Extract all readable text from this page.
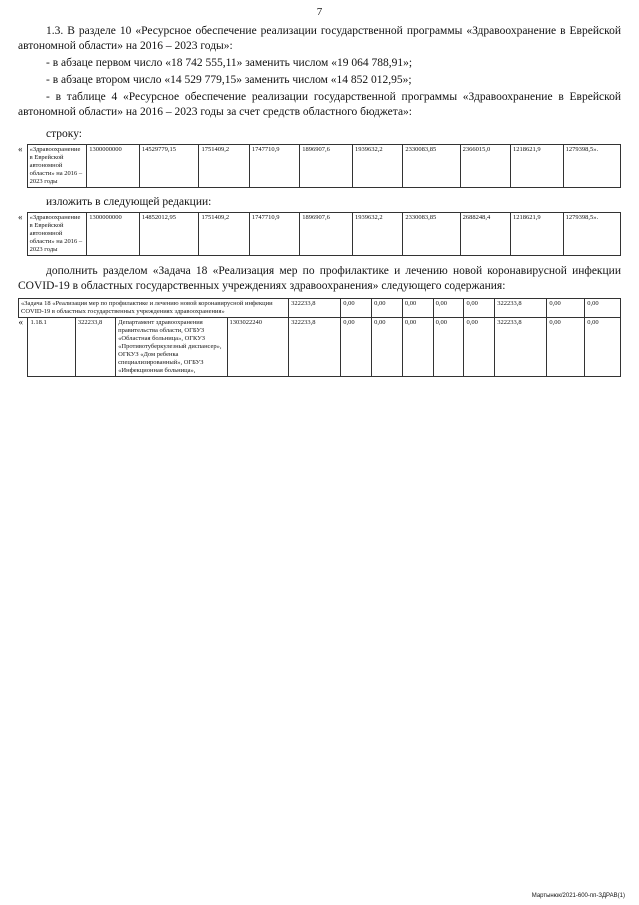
7

1.3. В разделе 10 «Ресурсное обеспечение реализации государственной программы «Здравоохранение в Еврейской автономной области» на 2016 – 2023 годы»:

- в абзаце первом число «18 742 555,11» заменить числом «19 064 788,91»;

- в абзаце втором число «14 529 779,15» заменить числом «14 852 012,95»;

- в таблице 4 «Ресурсное обеспечение реализации государственной программы «Здравоохранение в Еврейской автономной области» на 2016 – 2023 годы за счет средств областного бюджета»:

строку:

«	«Здравоохранение в Еврейской автономной области» на 2016 – 2023 годы	1300000000	14529779,15	1751409,2	1747710,9	1896907,6	1939632,2	2330083,85	2366015,0	1218621,9	1279398,5».

изложить в следующей редакции:

«	«Здравоохранение в Еврейской автономной области» на 2016 – 2023 годы	1300000000	14852012,95	1751409,2	1747710,9	1896907,6	1939632,2	2330083,85	2688248,4	1218621,9	1279398,5».

дополнить разделом «Задача 18 «Реализация мер по профилактике и лечению новой коронавирусной инфекции COVID-19 в областных государственных учреждениях здравоохранения» следующего содержания:

«Задача 18 «Реализация мер по профилактике и лечению новой коронавирусной инфекции COVID-19 в областных государственных учреждениях здравоохранения»					322233,8	0,00	0,00	0,00	0,00	0,00	322233,8	0,00	0,00
«	1.18.1	322233,8	Департамент здравоохранения правительства области, ОГБУЗ «Областная больница», ОГКУЗ «Противотуберкулезный диспансер», ОГКУЗ «Дом ребенка специализированный», ОГБУЗ «Инфекционная больница»,	1303022240	322233,8	0,00	0,00	0,00	0,00	0,00	322233,8	0,00	0,00
Мартынюк/2021-600-пп-ЗДРАВ(1)
